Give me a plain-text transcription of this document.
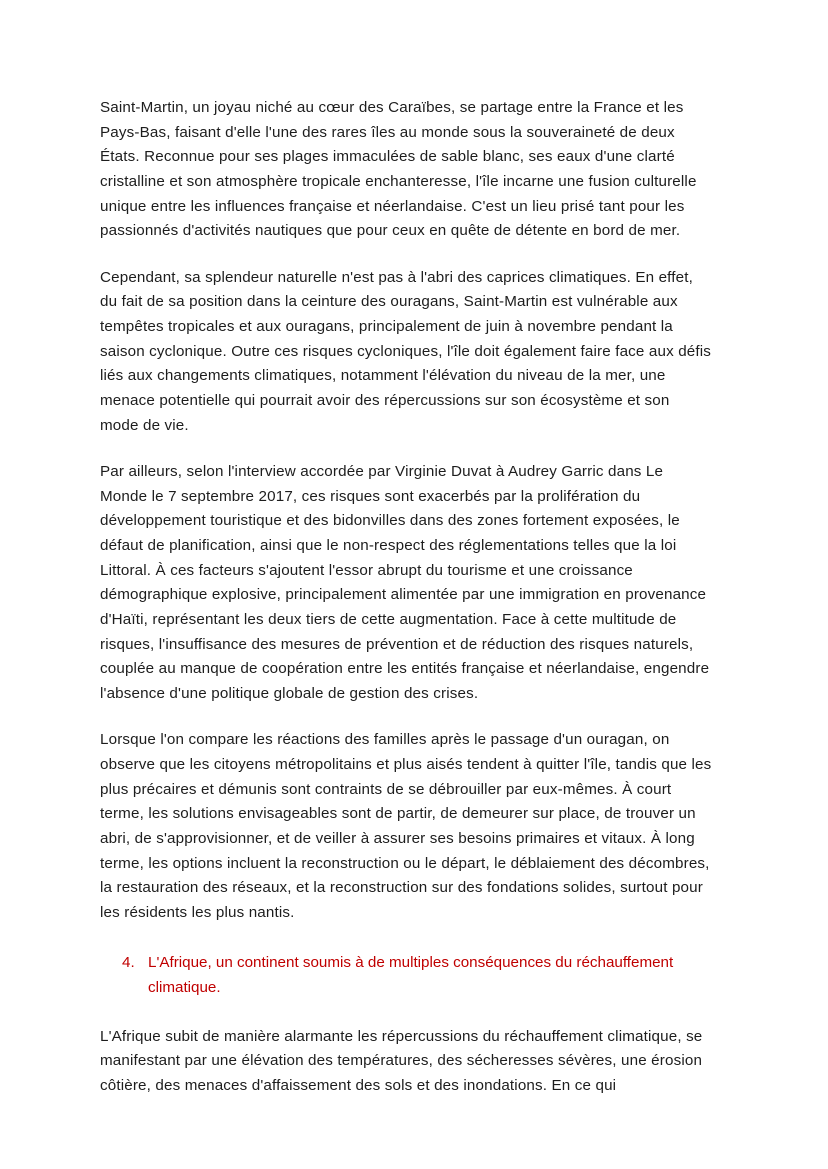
Saint-Martin, un joyau niché au cœur des Caraïbes, se partage entre la France et les Pays-Bas, faisant d'elle l'une des rares îles au monde sous la souveraineté de deux États. Reconnue pour ses plages immaculées de sable blanc, ses eaux d'une clarté cristalline et son atmosphère tropicale enchanteresse, l'île incarne une fusion culturelle unique entre les influences française et néerlandaise. C'est un lieu prisé tant pour les passionnés d'activités nautiques que pour ceux en quête de détente en bord de mer.

Cependant, sa splendeur naturelle n'est pas à l'abri des caprices climatiques. En effet, du fait de sa position dans la ceinture des ouragans, Saint-Martin est vulnérable aux tempêtes tropicales et aux ouragans, principalement de juin à novembre pendant la saison cyclonique. Outre ces risques cycloniques, l'île doit également faire face aux défis liés aux changements climatiques, notamment l'élévation du niveau de la mer, une menace potentielle qui pourrait avoir des répercussions sur son écosystème et son mode de vie.

Par ailleurs, selon l'interview accordée par Virginie Duvat à Audrey Garric dans Le Monde le 7 septembre 2017, ces risques sont exacerbés par la prolifération du développement touristique et des bidonvilles dans des zones fortement exposées, le défaut de planification, ainsi que le non-respect des réglementations telles que la loi Littoral. À ces facteurs s'ajoutent l'essor abrupt du tourisme et une croissance démographique explosive, principalement alimentée par une immigration en provenance d'Haïti, représentant les deux tiers de cette augmentation. Face à cette multitude de risques, l'insuffisance des mesures de prévention et de réduction des risques naturels, couplée au manque de coopération entre les entités française et néerlandaise, engendre l'absence d'une politique globale de gestion des crises.

Lorsque l'on compare les réactions des familles après le passage d'un ouragan, on observe que les citoyens métropolitains et plus aisés tendent à quitter l'île, tandis que les plus précaires et démunis sont contraints de se débrouiller par eux-mêmes. À court terme, les solutions envisageables sont de partir, de demeurer sur place, de trouver un abri, de s'approvisionner, et de veiller à assurer ses besoins primaires et vitaux. À long terme, les options incluent la reconstruction ou le départ, le déblaiement des décombres, la restauration des réseaux, et la reconstruction sur des fondations solides, surtout pour les résidents les plus nantis.

4. L'Afrique, un continent soumis à de multiples conséquences du réchauffement climatique.

L'Afrique subit de manière alarmante les répercussions du réchauffement climatique, se manifestant par une élévation des températures, des sécheresses sévères, une érosion côtière, des menaces d'affaissement des sols et des inondations. En ce qui
